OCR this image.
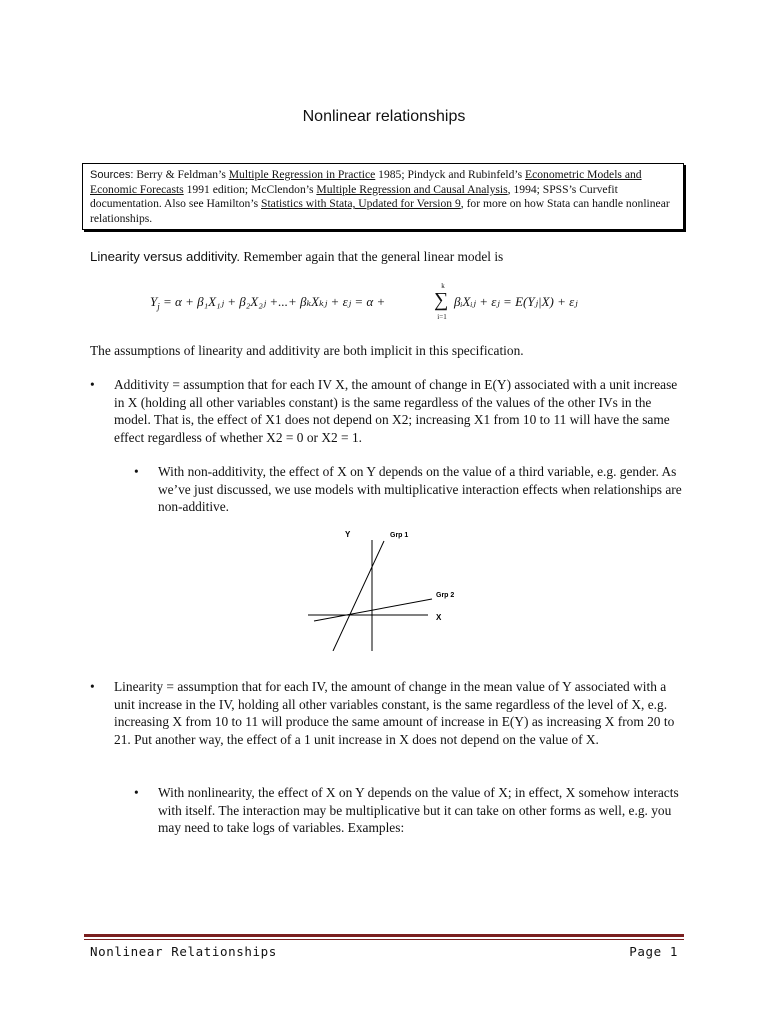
Nonlinear relationships
Sources: Berry & Feldman’s Multiple Regression in Practice 1985; Pindyck and Rubinfeld’s Econometric Models and Economic Forecasts 1991 edition; McClendon’s Multiple Regression and Causal Analysis, 1994; SPSS’s Curvefit documentation. Also see Hamilton’s Statistics with Stata, Updated for Version 9, for more on how Stata can handle nonlinear relationships.
Linearity versus additivity. Remember again that the general linear model is
$Y_j = \alpha$ + β₁X₁ⱼ + β₂X₂ⱼ +...+ βₖXₖⱼ + εⱼ = α +
k
∑
i=1
βᵢXᵢⱼ + εⱼ = E(Yⱼ|X) + εⱼ
The assumptions of linearity and additivity are both implicit in this specification.
• Additivity = assumption that for each IV X, the amount of change in E(Y) associated with a unit increase in X (holding all other variables constant) is the same regardless of the values of the other IVs in the model. That is, the effect of X1 does not depend on X2; increasing X1 from 10 to 11 will have the same effect regardless of whether X2 = 0 or X2 = 1.
• With non-additivity, the effect of X on Y depends on the value of a third variable, e.g. gender. As we’ve just discussed, we use models with multiplicative interaction effects when relationships are non-additive.
Y	Grp 1
Grp 2
X
• Linearity = assumption that for each IV, the amount of change in the mean value of Y associated with a unit increase in the IV, holding all other variables constant, is the same regardless of the level of X, e.g. increasing X from 10 to 11 will produce the same amount of increase in E(Y) as increasing X from 20 to 21. Put another way, the effect of a 1 unit increase in X does not depend on the value of X.
• With nonlinearity, the effect of X on Y depends on the value of X; in effect, X somehow interacts with itself. The interaction may be multiplicative but it can take on other forms as well, e.g. you may need to take logs of variables. Examples:
Nonlinear Relationships	Page 1
